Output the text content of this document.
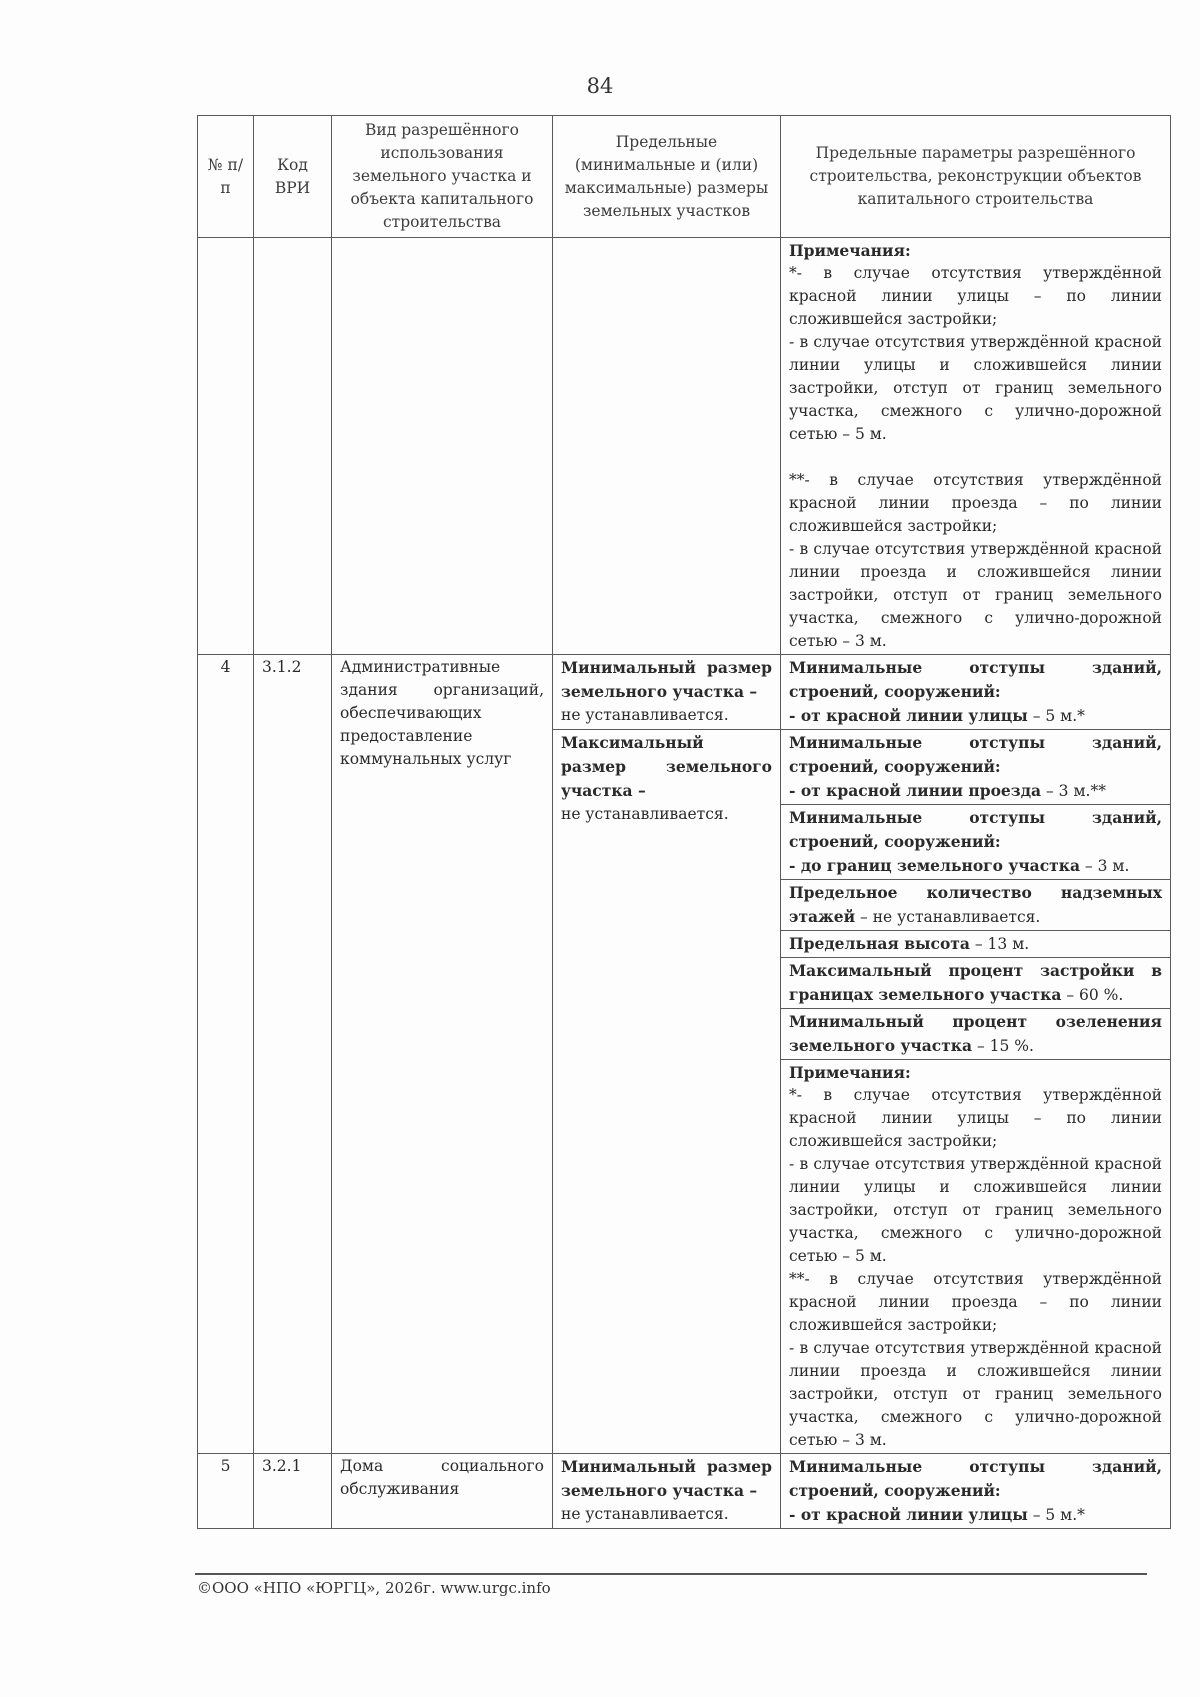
84
№ п/п	Код ВРИ	Вид разрешённого использования земельного участка и объекта капитального строительства	Предельные (минимальные и (или) максимальные) размеры земельных участков	Предельные параметры разрешённого строительства, реконструкции объектов капитального строительства

				Примечания:
*- в случае отсутствия утверждённой красной линии улицы – по линии сложившейся застройки;
- в случае отсутствия утверждённой красной линии улицы и сложившейся линии застройки, отступ от границ земельного участка, смежного с улично-дорожной сетью – 5 м.
**- в случае отсутствия утверждённой красной линии проезда – по линии сложившейся застройки;
- в случае отсутствия утверждённой красной линии проезда и сложившейся линии застройки, отступ от границ земельного участка, смежного с улично-дорожной сетью – 3 м.

4	3.1.2	Административные здания организаций, обеспечивающих предоставление коммунальных услуг	Минимальный размер земельного участка –
не устанавливается.	Минимальные отступы зданий, строений, сооружений:
- от красной линии улицы – 5 м.*

			Максимальный размер земельного участка –
не устанавливается.	Минимальные отступы зданий, строений, сооружений:
- от красной линии проезда – 3 м.**

				Минимальные отступы зданий, строений, сооружений:
- до границ земельного участка – 3 м.

				Предельное количество надземных этажей – не устанавливается.
				Предельная высота – 13 м.
				Максимальный процент застройки в границах земельного участка – 60 %.
				Минимальный процент озеленения земельного участка – 15 %.

				Примечания:
*- в случае отсутствия утверждённой красной линии улицы – по линии сложившейся застройки;
- в случае отсутствия утверждённой красной линии улицы и сложившейся линии застройки, отступ от границ земельного участка, смежного с улично-дорожной сетью – 5 м.
**- в случае отсутствия утверждённой красной линии проезда – по линии сложившейся застройки;
- в случае отсутствия утверждённой красной линии проезда и сложившейся линии застройки, отступ от границ земельного участка, смежного с улично-дорожной сетью – 3 м.

5	3.2.1	Дома социального обслуживания	Минимальный размер земельного участка –
не устанавливается.	Минимальные отступы зданий, строений, сооружений:
- от красной линии улицы – 5 м.*
©ООО «НПО «ЮРГЦ», 2026г. www.urgc.info
